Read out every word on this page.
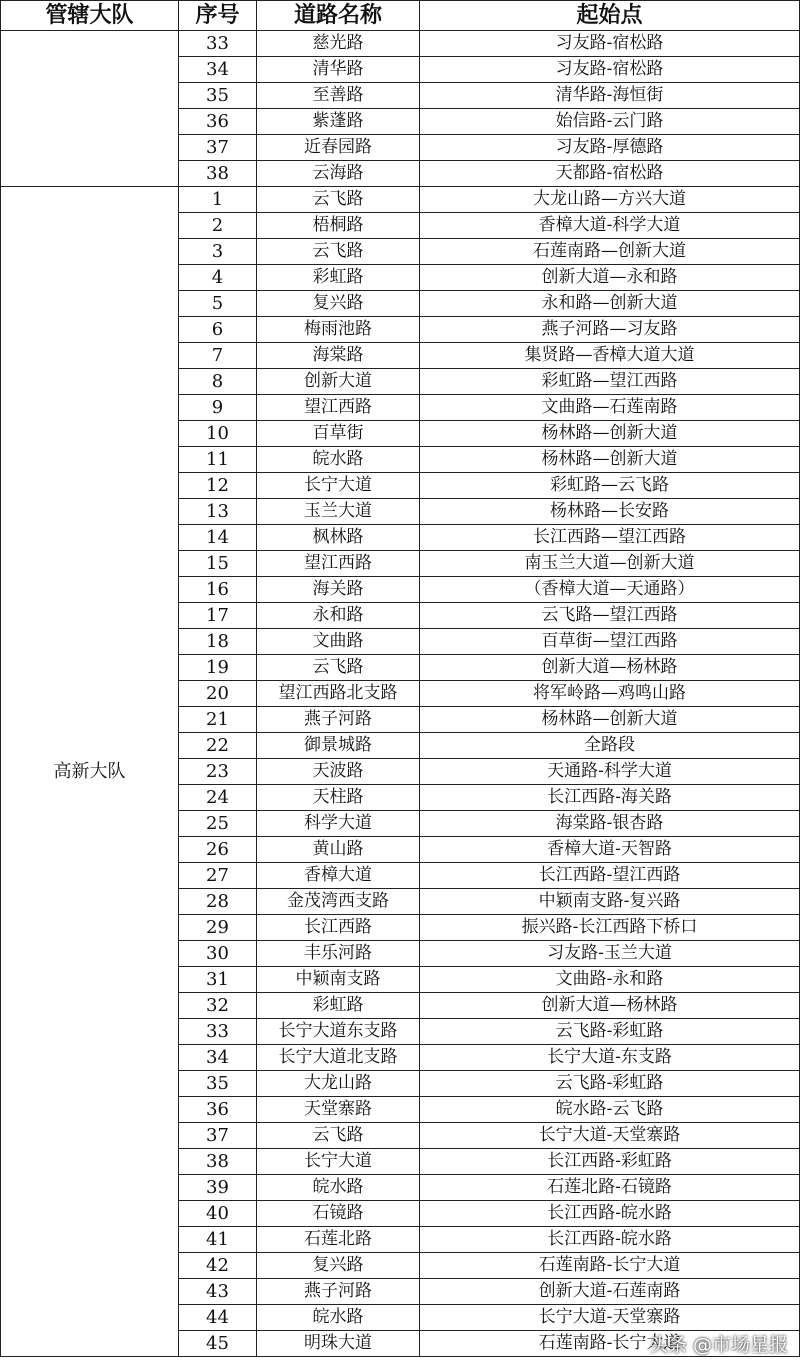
管辖大队	序号	道路名称	起始点
	33	慈光路	习友路-宿松路
	34	清华路	习友路-宿松路
	35	至善路	清华路-海恒街
	36	紫蓬路	始信路-云门路
	37	近春园路	习友路-厚德路
	38	云海路	天都路-宿松路
高新大队	1	云飞路	大龙山路—方兴大道
	2	梧桐路	香樟大道-科学大道
	3	云飞路	石莲南路—创新大道
	4	彩虹路	创新大道—永和路
	5	复兴路	永和路—创新大道
	6	梅雨池路	燕子河路—习友路
	7	海棠路	集贤路—香樟大道大道
	8	创新大道	彩虹路—望江西路
	9	望江西路	文曲路—石莲南路
	10	百草街	杨林路—创新大道
	11	皖水路	杨林路—创新大道
	12	长宁大道	彩虹路—云飞路
	13	玉兰大道	杨林路—长安路
	14	枫林路	长江西路—望江西路
	15	望江西路	南玉兰大道—创新大道
	16	海关路	（香樟大道—天通路）
	17	永和路	云飞路—望江西路
	18	文曲路	百草街—望江西路
	19	云飞路	创新大道—杨林路
	20	望江西路北支路	将军岭路—鸡鸣山路
	21	燕子河路	杨林路—创新大道
	22	御景城路	全路段
	23	天波路	天通路-科学大道
	24	天柱路	长江西路-海关路
	25	科学大道	海棠路-银杏路
	26	黄山路	香樟大道-天智路
	27	香樟大道	长江西路-望江西路
	28	金茂湾西支路	中颖南支路-复兴路
	29	长江西路	振兴路-长江西路下桥口
	30	丰乐河路	习友路-玉兰大道
	31	中颖南支路	文曲路-永和路
	32	彩虹路	创新大道—杨林路
	33	长宁大道东支路	云飞路-彩虹路
	34	长宁大道北支路	长宁大道-东支路
	35	大龙山路	云飞路-彩虹路
	36	天堂寨路	皖水路-云飞路
	37	云飞路	长宁大道-天堂寨路
	38	长宁大道	长江西路-彩虹路
	39	皖水路	石莲北路-石镜路
	40	石镜路	长江西路-皖水路
	41	石莲北路	长江西路-皖水路
	42	复兴路	石莲南路-长宁大道
	43	燕子河路	创新大道-石莲南路
	44	皖水路	长宁大道-天堂寨路
	45	明珠大道	石莲南路-长宁大道
头条 @市场星报
